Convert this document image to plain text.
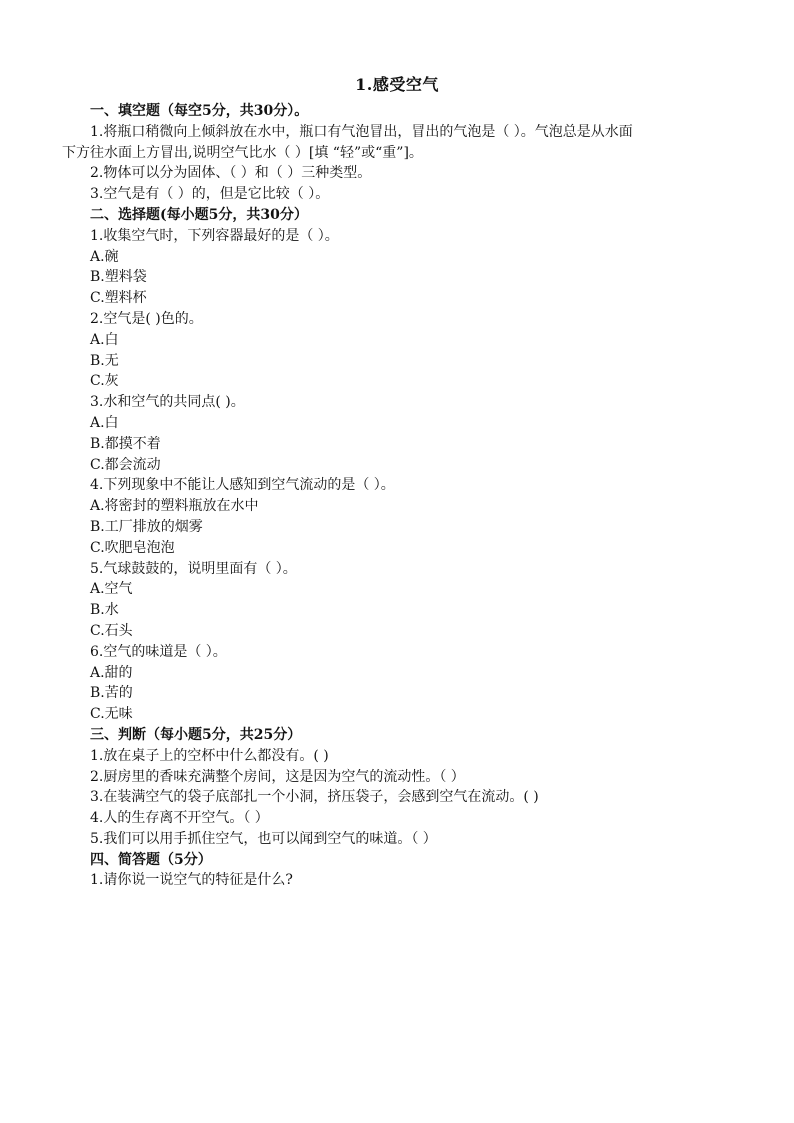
1.感受空气
一、填空题（每空5分，共30分）。
1.将瓶口稍微向上倾斜放在水中，瓶口有气泡冒出，冒出的气泡是（ ）。气泡总是从水面
下方往水面上方冒出,说明空气比水（ ）[填 “轻”或“重”]。
2.物体可以分为固体、（ ）和（ ）三种类型。
3.空气是有（ ）的，但是它比较（ ）。
二、选择题(每小题5分，共30分）
1.收集空气时，下列容器最好的是（ ）。
A.碗
B.塑料袋
C.塑料杯
2.空气是( )色的。
A.白
B.无
C.灰
3.水和空气的共同点( )。
A.白
B.都摸不着
C.都会流动
4.下列现象中不能让人感知到空气流动的是（ ）。
A.将密封的塑料瓶放在水中
B.工厂排放的烟雾
C.吹肥皂泡泡
5.气球鼓鼓的，说明里面有（ ）。
A.空气
B.水
C.石头
6.空气的味道是（ ）。
A.甜的
B.苦的
C.无味
三、判断（每小题5分，共25分）
1.放在桌子上的空杯中什么都没有。( )
2.厨房里的香味充满整个房间，这是因为空气的流动性。（ ）
3.在装满空气的袋子底部扎一个小洞，挤压袋子，会感到空气在流动。( )
4.人的生存离不开空气。（ ）
5.我们可以用手抓住空气，也可以闻到空气的味道。（ ）
四、简答题（5分）
1.请你说一说空气的特征是什么?
